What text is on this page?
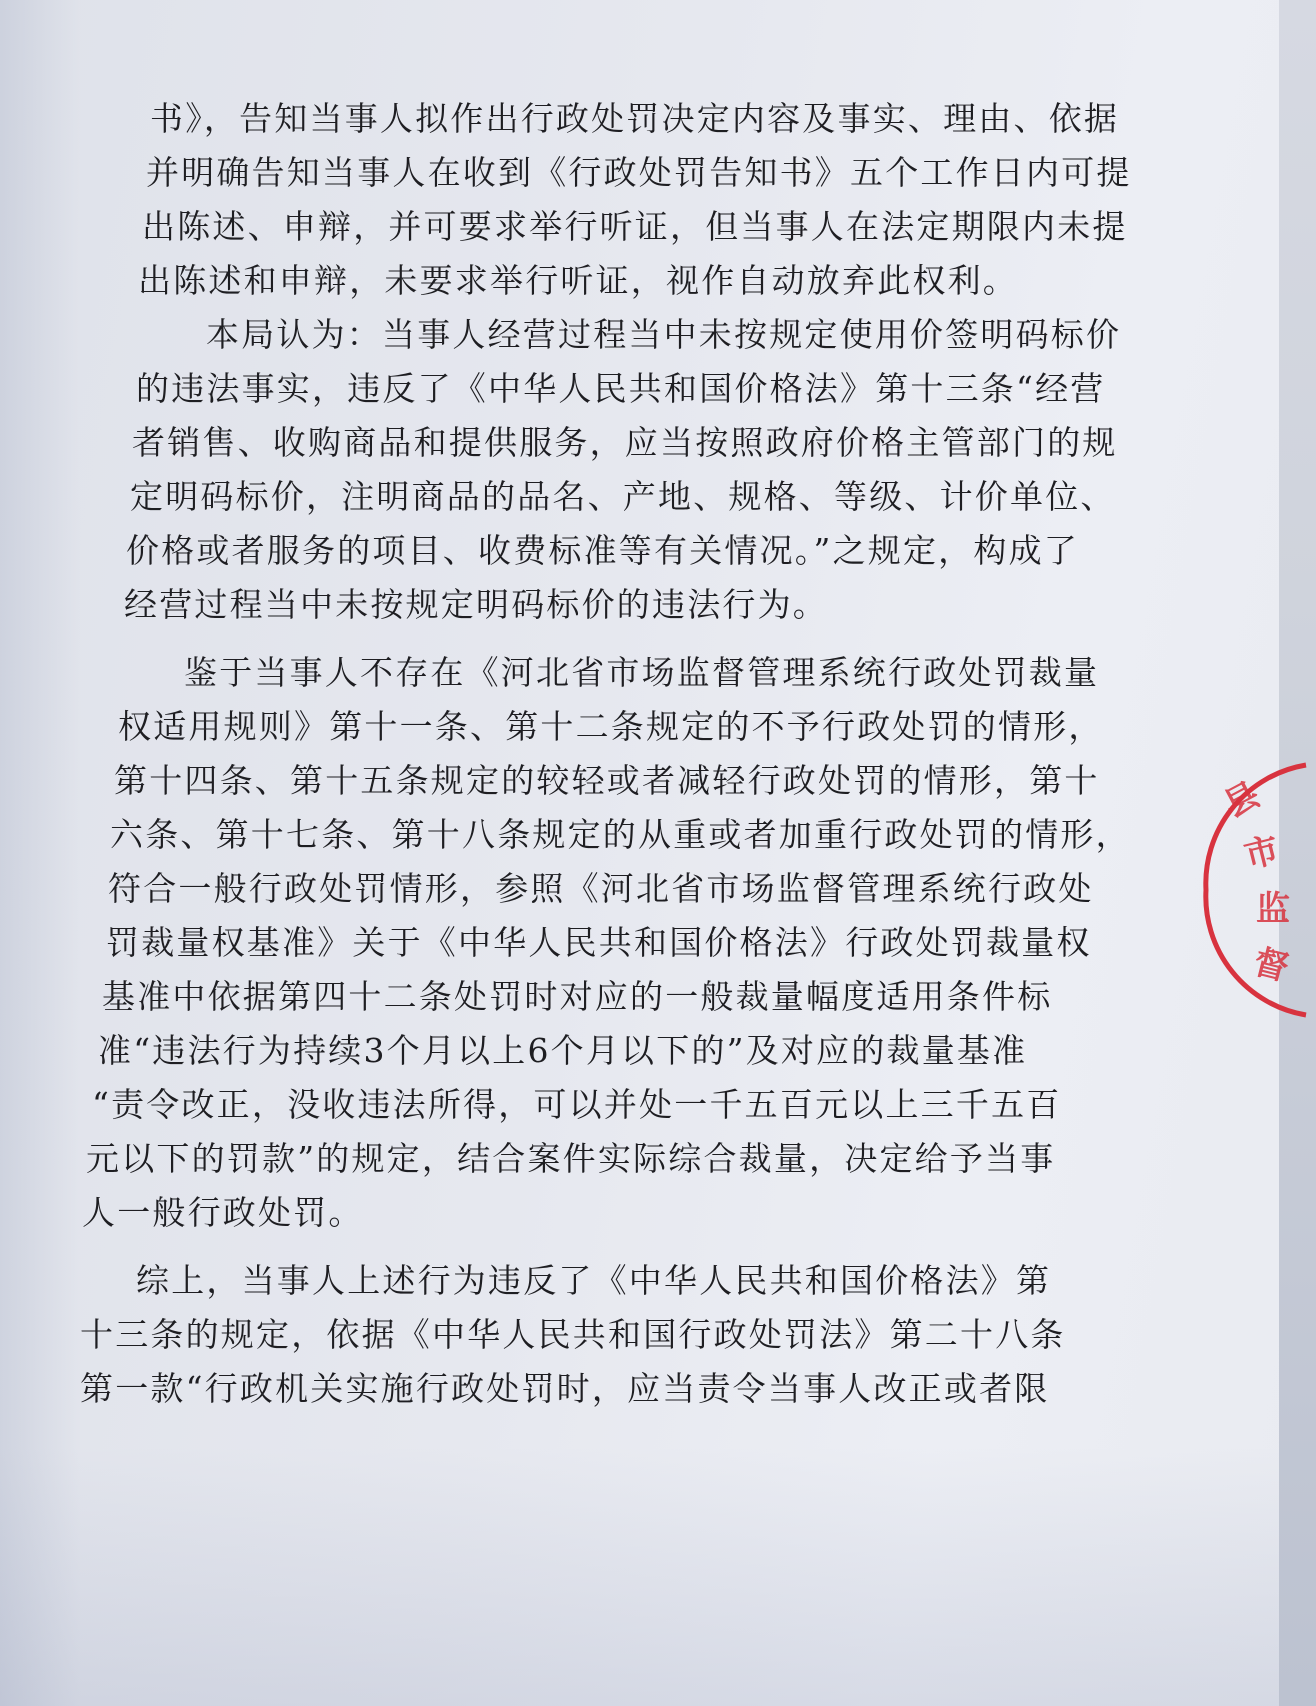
书》，告知当事人拟作出行政处罚决定内容及事实、理由、依据
并明确告知当事人在收到《行政处罚告知书》五个工作日内可提
出陈述、申辩，并可要求举行听证，但当事人在法定期限内未提
出陈述和申辩，未要求举行听证，视作自动放弃此权利。
本局认为：当事人经营过程当中未按规定使用价签明码标价
的违法事实，违反了《中华人民共和国价格法》第十三条“经营
者销售、收购商品和提供服务，应当按照政府价格主管部门的规
定明码标价，注明商品的品名、产地、规格、等级、计价单位、
价格或者服务的项目、收费标准等有关情况。”之规定，构成了
经营过程当中未按规定明码标价的违法行为。
鉴于当事人不存在《河北省市场监督管理系统行政处罚裁量
权适用规则》第十一条、第十二条规定的不予行政处罚的情形，
第十四条、第十五条规定的较轻或者减轻行政处罚的情形，第十
六条、第十七条、第十八条规定的从重或者加重行政处罚的情形，
符合一般行政处罚情形，参照《河北省市场监督管理系统行政处
罚裁量权基准》关于《中华人民共和国价格法》行政处罚裁量权
基准中依据第四十二条处罚时对应的一般裁量幅度适用条件标
准“违法行为持续3个月以上6个月以下的”及对应的裁量基准
“责令改正，没收违法所得，可以并处一千五百元以上三千五百
元以下的罚款”的规定，结合案件实际综合裁量，决定给予当事
人一般行政处罚。
综上，当事人上述行为违反了《中华人民共和国价格法》第
十三条的规定，依据《中华人民共和国行政处罚法》第二十八条
第一款“行政机关实施行政处罚时，应当责令当事人改正或者限
县
市
监
督
